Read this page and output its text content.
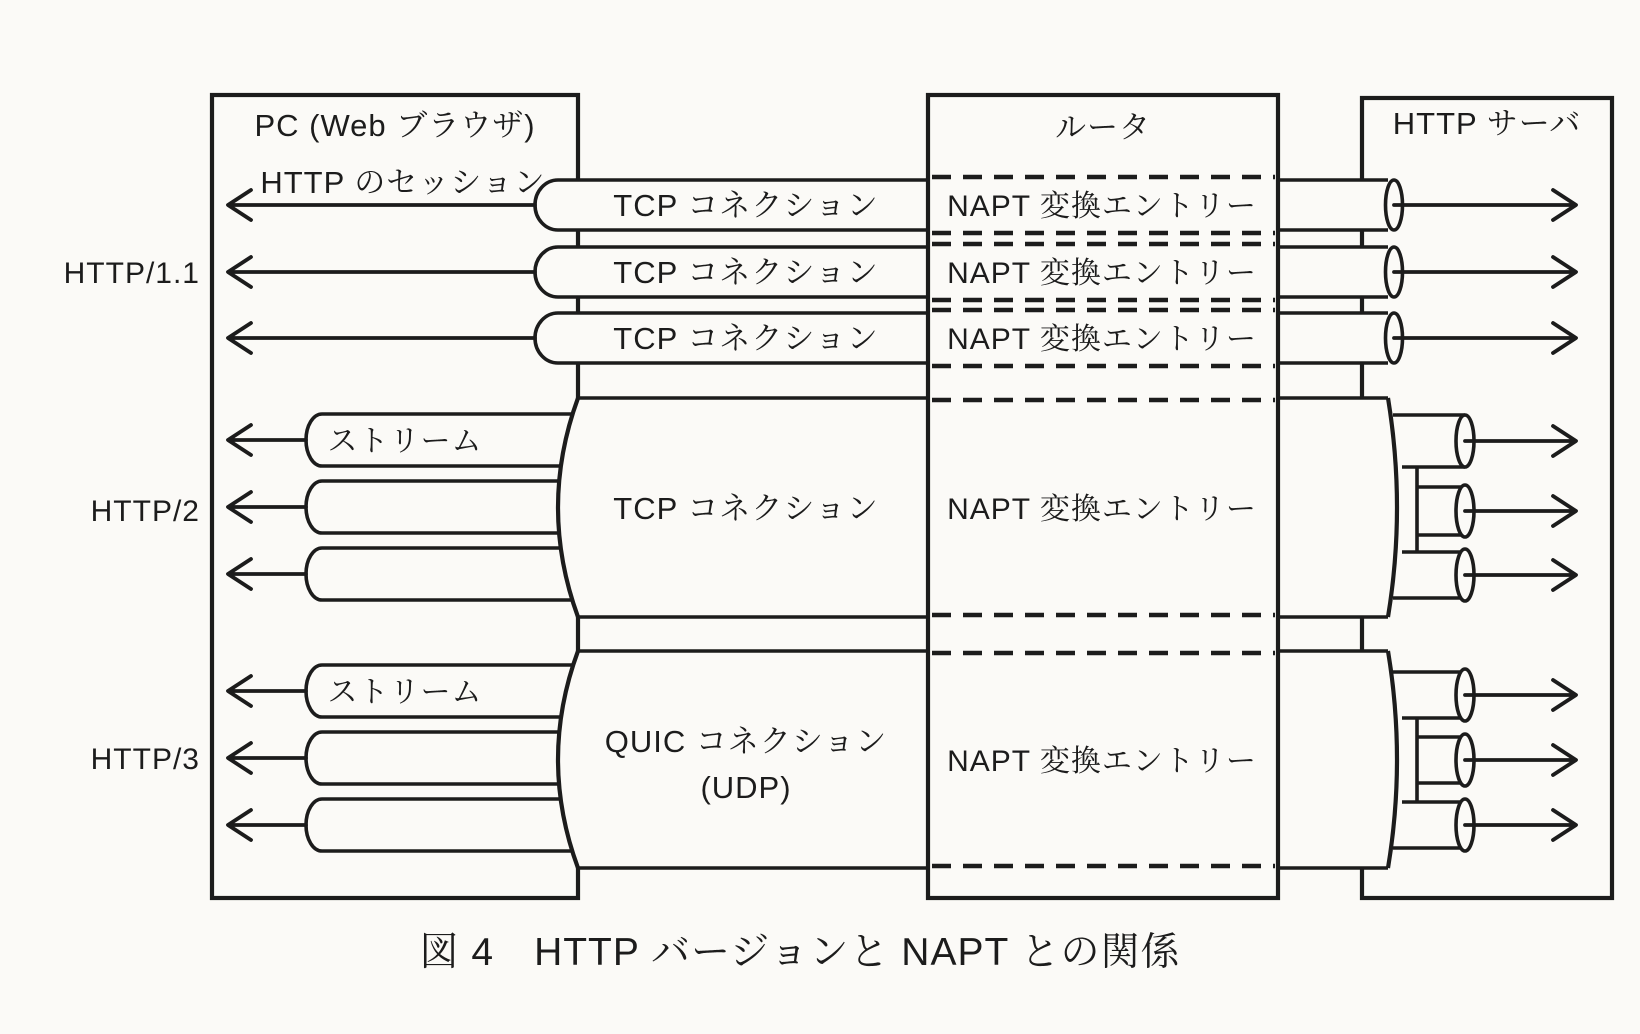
PC (Web ブラウザ)
HTTP のセッション
ルータ	HTTP サーバ
HTTP/1.1
HTTP/2
HTTP/3
TCP コネクション
TCP コネクション
TCP コネクション
NAPT 変換エントリー
NAPT 変換エントリー
NAPT 変換エントリー
ストリーム
TCP コネクション NAPT 変換エントリー
ストリーム
QUIC コネクション
(UDP)
NAPT 変換エントリー
図 4　HTTP バージョンと NAPT との関係
